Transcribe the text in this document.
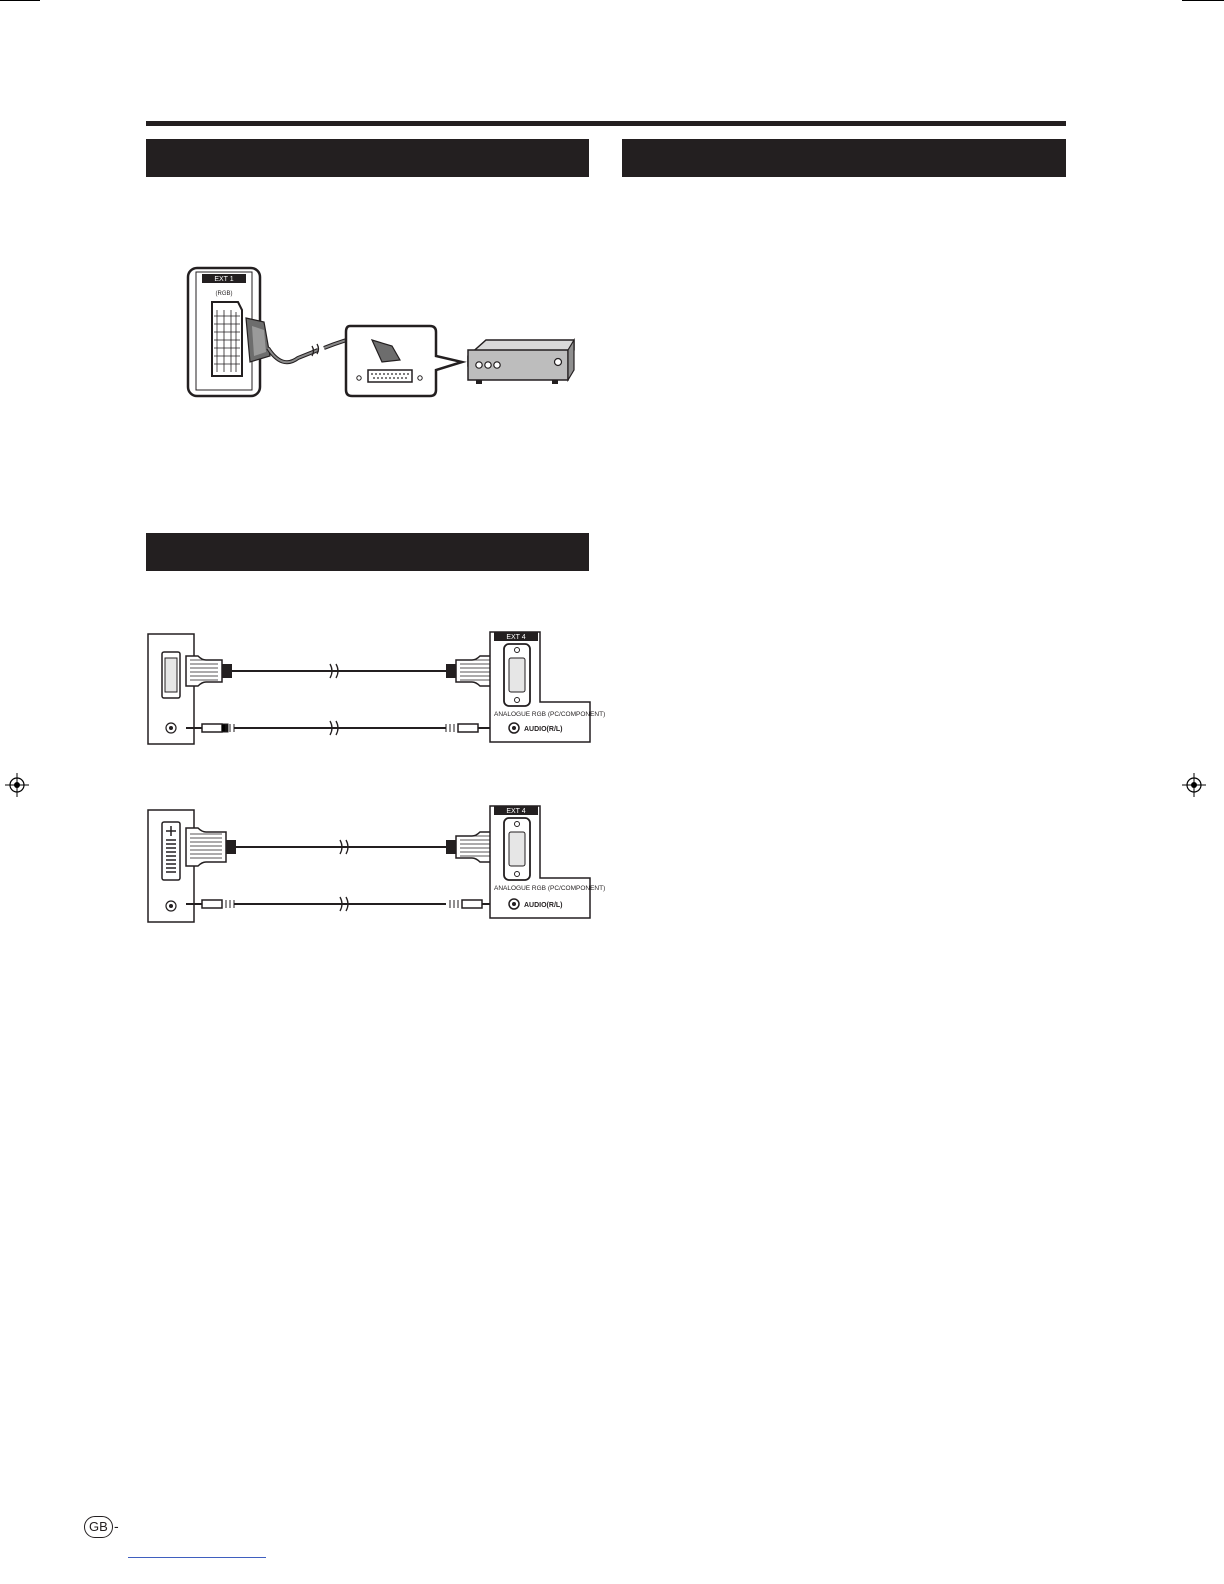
EXT 1
(RGB)
EXT 4
ANALOGUE RGB (PC/COMPONENT)
AUDIO(R/L)
EXT 4
ANALOGUE RGB (PC/COMPONENT)
AUDIO(R/L)
GB -
